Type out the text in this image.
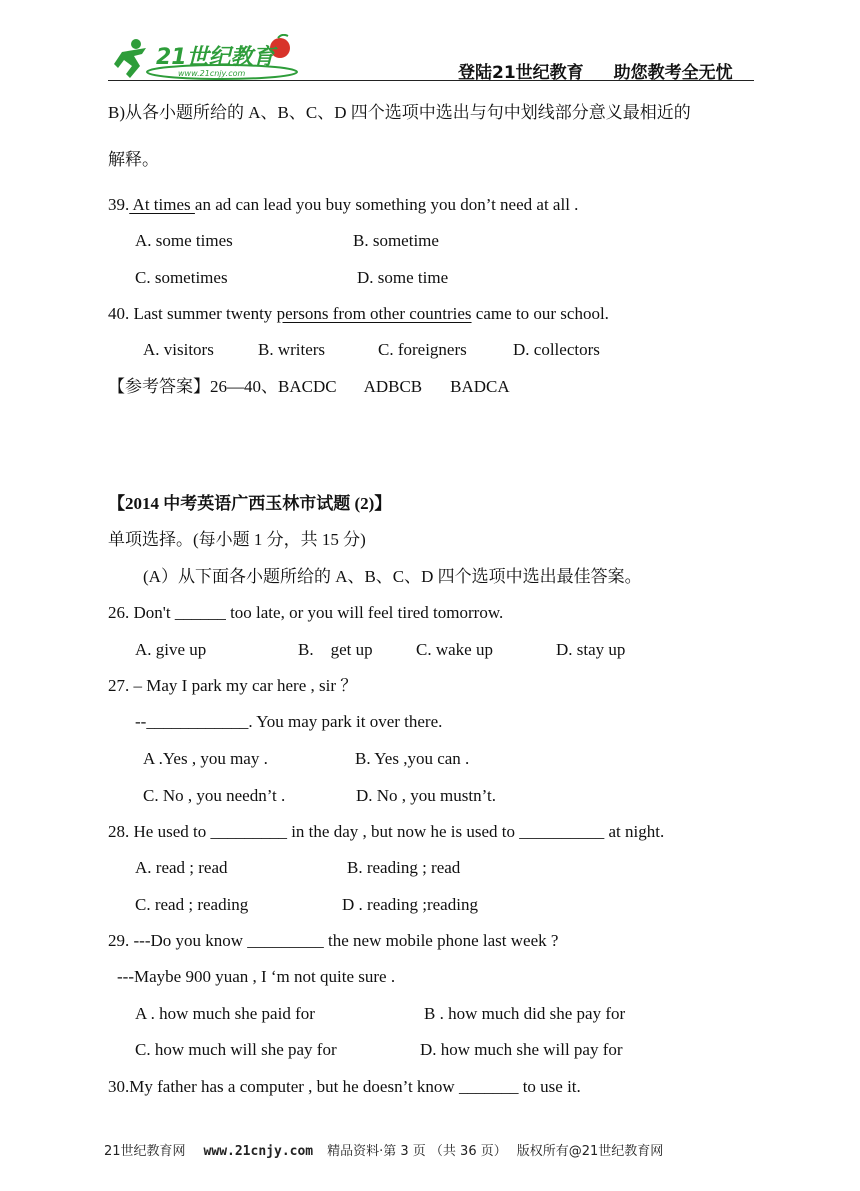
21世纪教育
www.21cnjy.com	登陆21世纪教育 助您教考全无忧
B)从各小题所给的 A、B、C、D 四个选项中选出与句中划线部分意义最相近的
解释。
39. At times an ad can lead you buy something you don’t need at all .
A. some times	B. sometime
C. sometimes	D. some time
40. Last summer twenty persons from other countries came to our school.
A. visitors	B. writers	C. foreigners	D. collectors
【参考答案】26—40、BACDC ADBCB BADCA
【2014 中考英语广西玉林市试题 (2)】
单项选择。(每小题 1 分，共 15 分)
(A）从下面各小题所给的 A、B、C、D 四个选项中选出最佳答案。
26. Don't ______ too late, or you will feel tired tomorrow.
A. give up	B.    get up	C. wake up	D. stay up
27. – May I park my car here , sir ？
--____________. You may park it over there.
A .Yes , you may .	B. Yes ,you can .
C. No , you needn’t .	D. No , you mustn’t.
28. He used to _________ in the day , but now he is used to __________ at night.
A. read ; read	B. reading ; read
C. read ; reading	D . reading ;reading
29. ---Do you know _________ the new mobile phone last week ?
---Maybe 900 yuan , I ‘m not quite sure .
A . how much she paid for	B . how much did she pay for
C. how much will she pay for	D. how much she will pay for
30.My father has a computer , but he doesn’t know _______ to use it.
21世纪教育网 www.21cnjy.com 精品资料·第 3 页 （共 36 页） 版权所有@21世纪教育网
